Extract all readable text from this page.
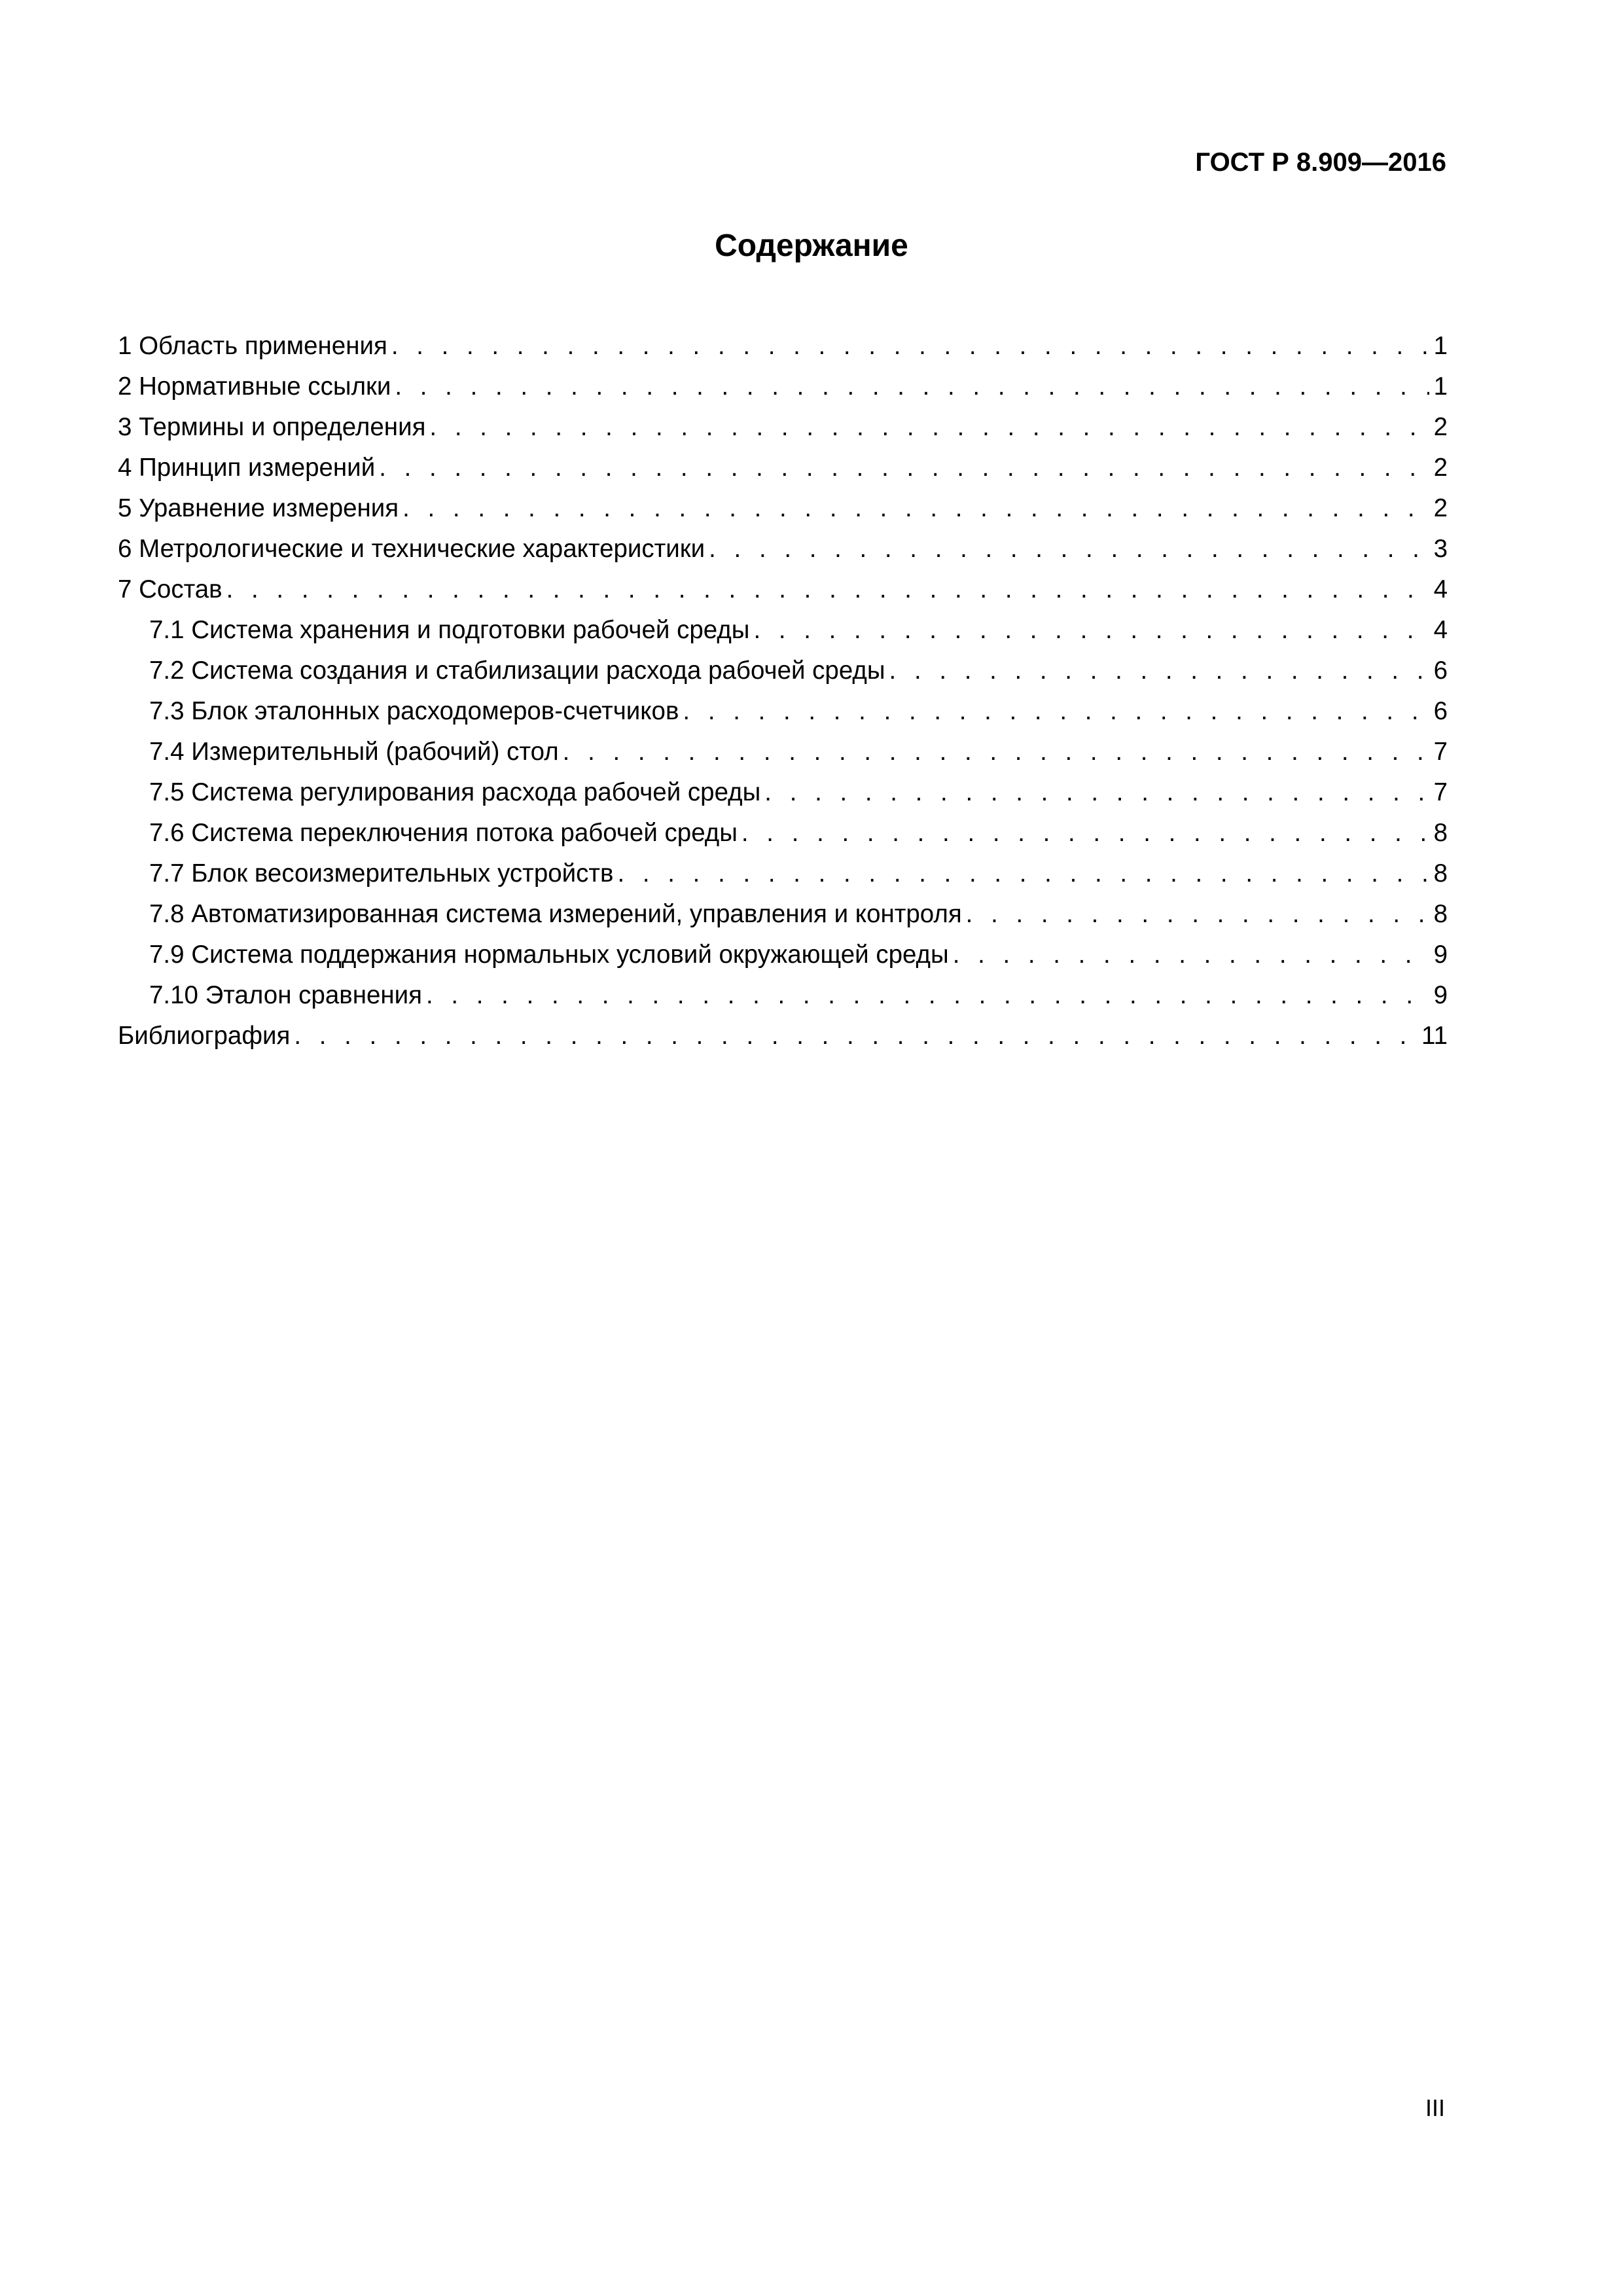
ГОСТ Р 8.909—2016
Содержание
1 Область применения . . .	1
2 Нормативные ссылки . . .	1
3 Термины и определения . . .	2
4 Принцип измерений . . .	2
5 Уравнение измерения . . .	2
6 Метрологические и технические характеристики . . .	3
7 Состав . . .	4
7.1 Система хранения и подготовки рабочей среды . . .	4
7.2 Система создания и стабилизации расхода рабочей среды . . .	6
7.3 Блок эталонных расходомеров-счетчиков . . .	6
7.4 Измерительный (рабочий) стол . . .	7
7.5 Система регулирования расхода рабочей среды . . .	7
7.6 Система переключения потока рабочей среды . . .	8
7.7 Блок весоизмерительных устройств . . .	8
7.8 Автоматизированная система измерений, управления и контроля . . .	8
7.9 Система поддержания нормальных условий окружающей среды . . .	9
7.10 Эталон сравнения . . .	9
Библиография . . .	11
III
